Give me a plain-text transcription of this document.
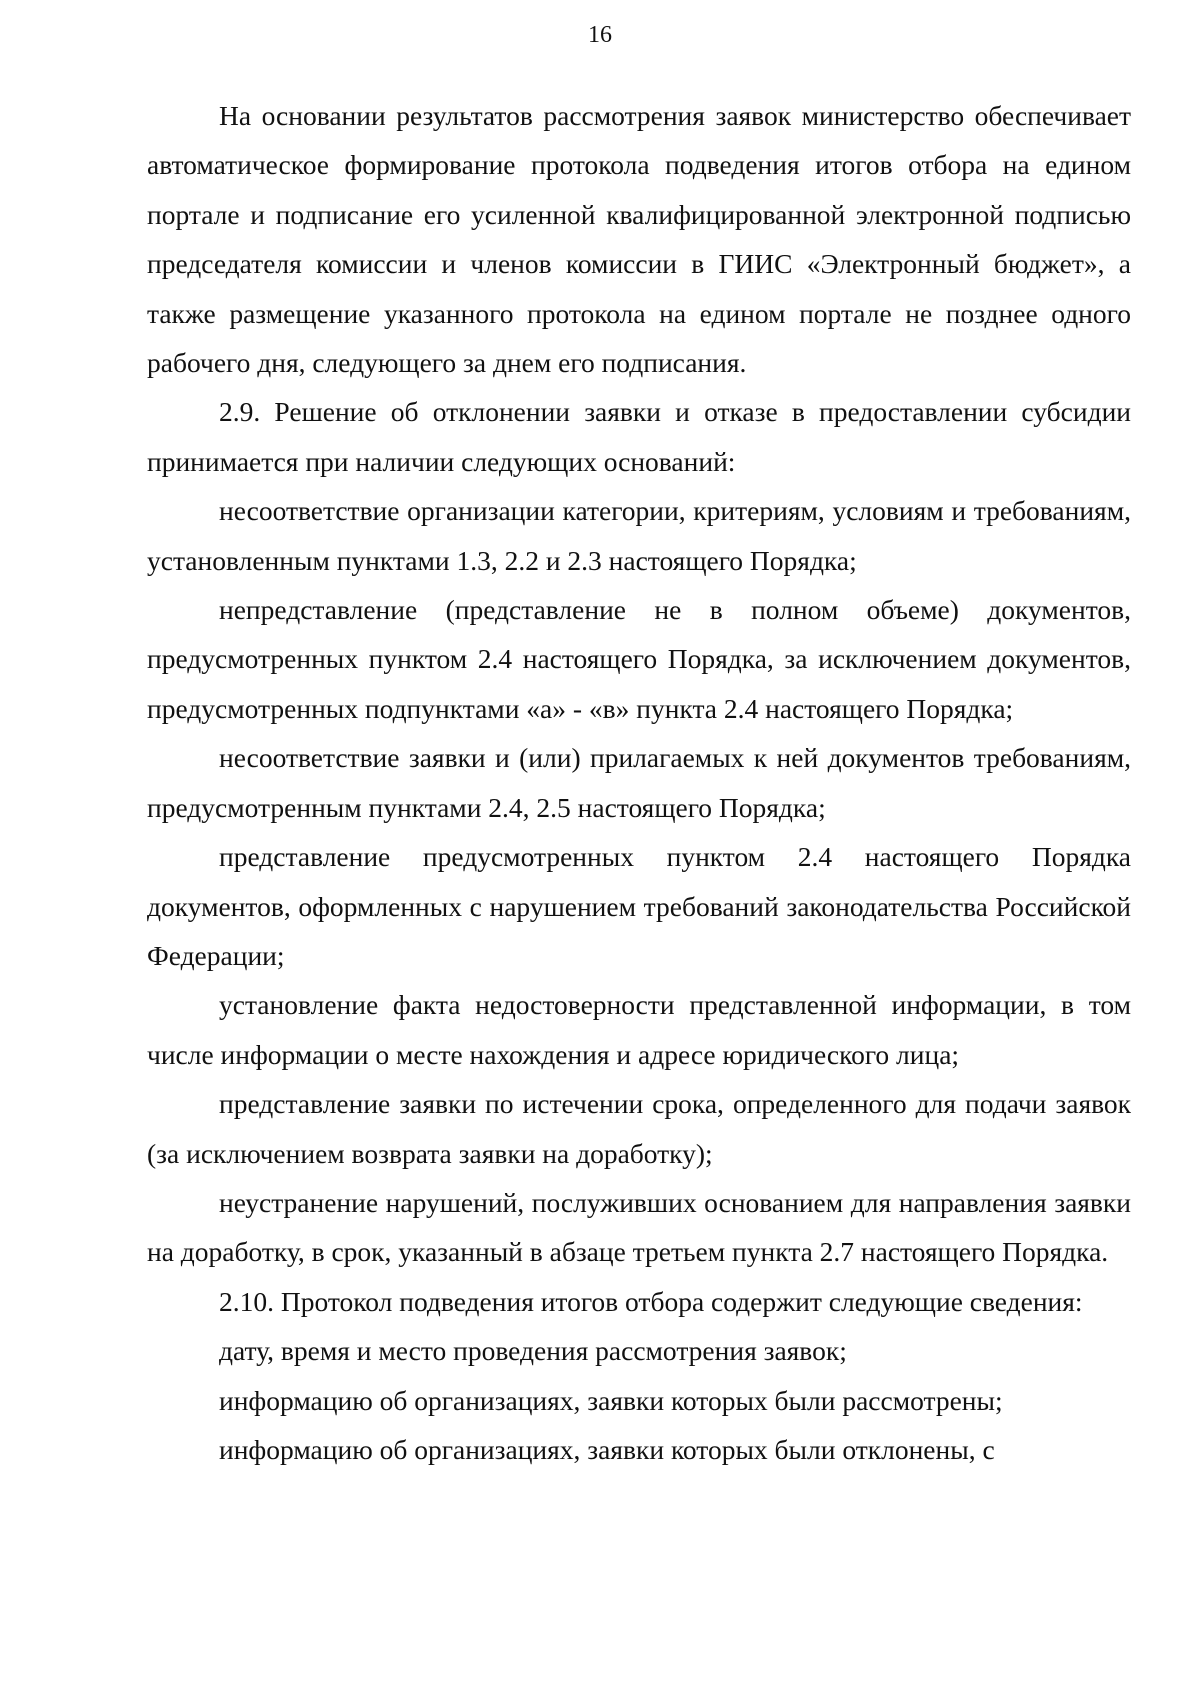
16

На основании результатов рассмотрения заявок министерство обеспечивает автоматическое формирование протокола подведения итогов отбора на едином портале и подписание его усиленной квалифицированной электронной подписью председателя комиссии и членов комиссии в ГИИС «Электронный бюджет», а также размещение указанного протокола на едином портале не позднее одного рабочего дня, следующего за днем его подписания.

2.9. Решение об отклонении заявки и отказе в предоставлении субсидии принимается при наличии следующих оснований:

несоответствие организации категории, критериям, условиям и требованиям, установленным пунктами 1.3, 2.2 и 2.3 настоящего Порядка;

непредставление (представление не в полном объеме) документов, предусмотренных пунктом 2.4 настоящего Порядка, за исключением документов, предусмотренных подпунктами «а» - «в» пункта 2.4 настоящего Порядка;

несоответствие заявки и (или) прилагаемых к ней документов требованиям, предусмотренным пунктами 2.4, 2.5 настоящего Порядка;

представление предусмотренных пунктом 2.4 настоящего Порядка документов, оформленных с нарушением требований законодательства Российской Федерации;

установление факта недостоверности представленной информации, в том числе информации о месте нахождения и адресе юридического лица;

представление заявки по истечении срока, определенного для подачи заявок (за исключением возврата заявки на доработку);

неустранение нарушений, послуживших основанием для направления заявки на доработку, в срок, указанный в абзаце третьем пункта 2.7 настоящего Порядка.

2.10. Протокол подведения итогов отбора содержит следующие сведения:

дату, время и место проведения рассмотрения заявок;

информацию об организациях, заявки которых были рассмотрены;

информацию об организациях, заявки которых были отклонены, с
